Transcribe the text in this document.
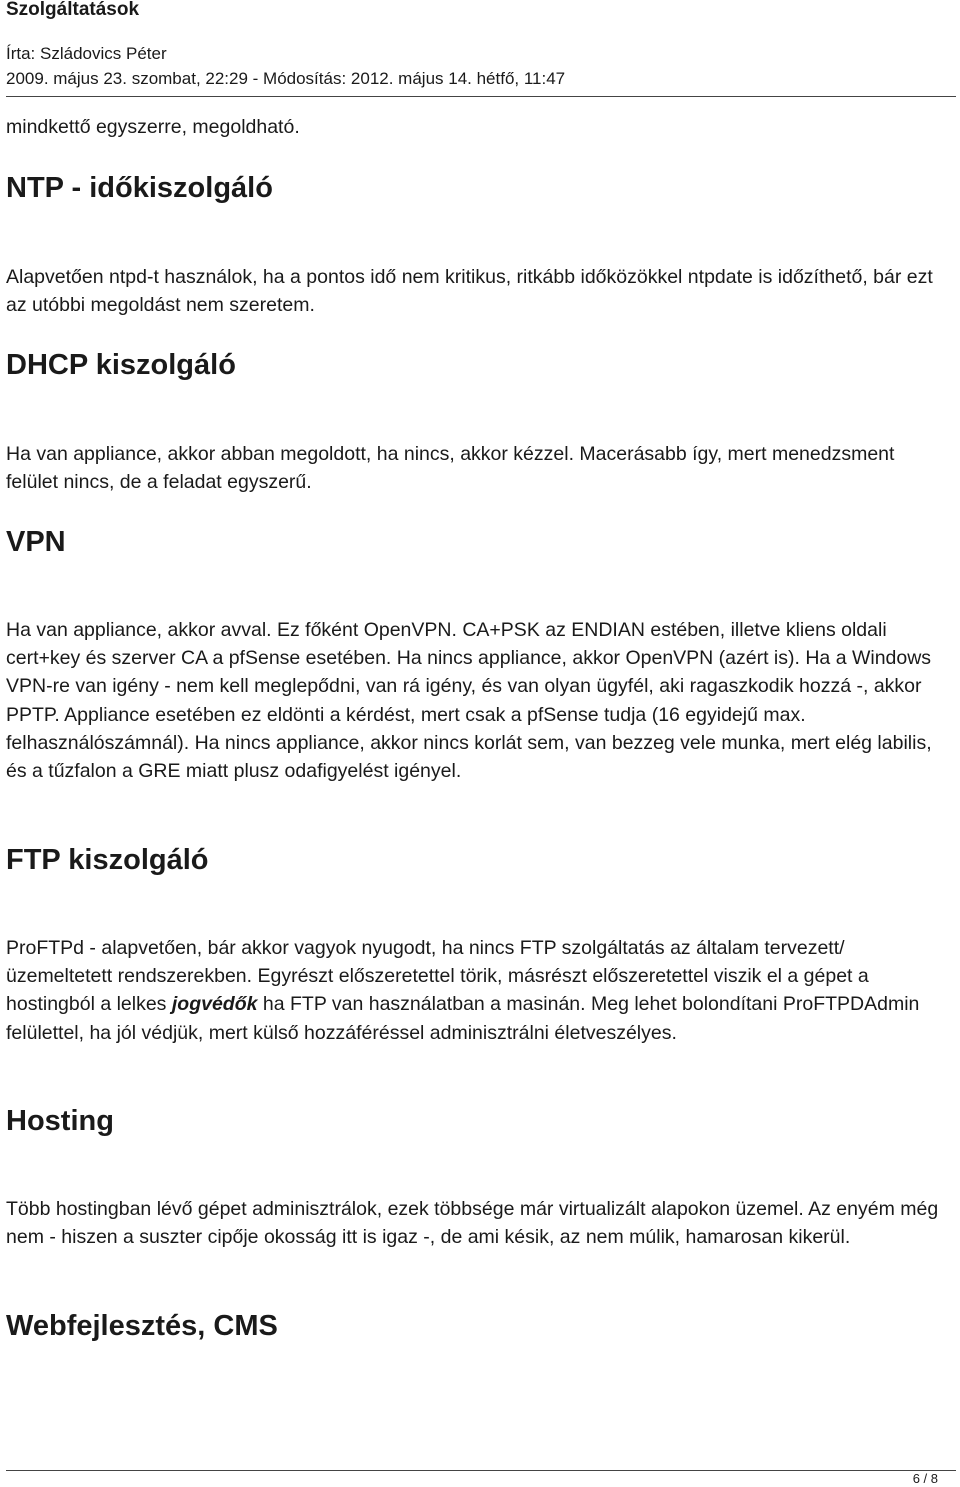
Szolgáltatások
Írta: Szládovics Péter
2009. május 23. szombat, 22:29 - Módosítás: 2012. május 14. hétfő, 11:47

mindkettő egyszerre, megoldható.

NTP - időkiszolgáló

Alapvetően ntpd-t használok, ha a pontos idő nem kritikus, ritkább időközökkel ntpdate is időzíthető, bár ezt az utóbbi megoldást nem szeretem.

DHCP kiszolgáló

Ha van appliance, akkor abban megoldott, ha nincs, akkor kézzel. Macerásabb így, mert menedzsment felület nincs, de a feladat egyszerű.

VPN

Ha van appliance, akkor avval. Ez főként OpenVPN. CA+PSK az ENDIAN estében, illetve kliens oldali cert+key és szerver CA a pfSense esetében. Ha nincs appliance, akkor OpenVPN (azért is). Ha a Windows VPN-re van igény - nem kell meglepődni, van rá igény, és van olyan ügyfél, aki ragaszkodik hozzá -, akkor PPTP. Appliance esetében ez eldönti a kérdést, mert csak a pfSense tudja (16 egyidejű max. felhasználószámnál). Ha nincs appliance, akkor nincs korlát sem, van bezzeg vele munka, mert elég labilis, és a tűzfalon a GRE miatt plusz odafigyelést igényel.

FTP kiszolgáló

ProFTPd - alapvetően, bár akkor vagyok nyugodt, ha nincs FTP szolgáltatás az általam tervezett/üzemeltetett rendszerekben. Egyrészt előszeretettel törik, másrészt előszeretettel viszik el a gépet a hostingból a lelkes jogvédők ha FTP van használatban a masinán. Meg lehet bolondítani ProFTPDAdmin felülettel, ha jól védjük, mert külső hozzáféréssel adminisztrálni életveszélyes.

Hosting

Több hostingban lévő gépet adminisztrálok, ezek többsége már virtualizált alapokon üzemel. Az enyém még nem - hiszen a suszter cipője okosság itt is igaz -, de ami késik, az nem múlik, hamarosan kikerül.

Webfejlesztés, CMS
6 / 8
